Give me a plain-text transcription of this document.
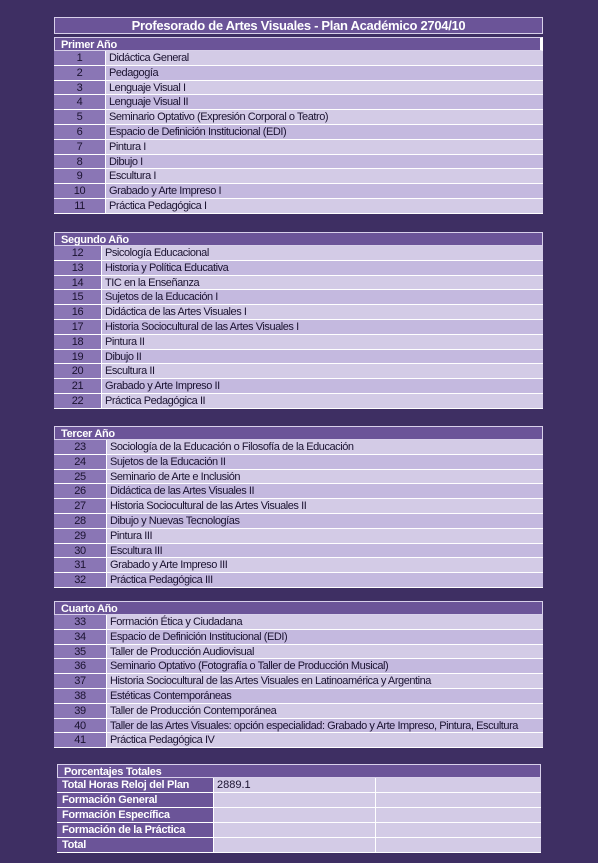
Profesorado de Artes Visuales - Plan Académico 2704/10
Primer Año
1	Didáctica General
2	Pedagogía
3	Lenguaje Visual I
4	Lenguaje Visual II
5	Seminario Optativo (Expresión Corporal o Teatro)
6	Espacio de Definición Institucional (EDI)
7	Pintura I
8	Dibujo I
9	Escultura I
10	Grabado y Arte Impreso I
11	Práctica Pedagógica I
Segundo Año
12	Psicología Educacional
13	Historia y Política Educativa
14	TIC en la Enseñanza
15	Sujetos de la Educación I
16	Didáctica de las Artes Visuales I
17	Historia Sociocultural de las Artes Visuales I
18	Pintura II
19	Dibujo II
20	Escultura II
21	Grabado y Arte Impreso II
22	Práctica Pedagógica II
Tercer Año
23	Sociología de la Educación o Filosofía de la Educación
24	Sujetos de la Educación II
25	Seminario de Arte e Inclusión
26	Didáctica de las Artes Visuales II
27	Historia Sociocultural de las Artes Visuales II
28	Dibujo y Nuevas Tecnologías
29	Pintura III
30	Escultura III
31	Grabado y Arte Impreso III
32	Práctica Pedagógica III
Cuarto Año
33	Formación Ética y Ciudadana
34	Espacio de Definición Institucional (EDI)
35	Taller de Producción Audiovisual
36	Seminario Optativo (Fotografía o Taller de Producción Musical)
37	Historia Sociocultural de las Artes Visuales en Latinoamérica y Argentina
38	Estéticas Contemporáneas
39	Taller de Producción Contemporánea
40	Taller de las Artes Visuales: opción especialidad: Grabado y Arte Impreso, Pintura, Escultura
41	Práctica Pedagógica IV
Porcentajes Totales
Total Horas Reloj del Plan	2889.1
Formación General
Formación Específica
Formación de la Práctica
Total
